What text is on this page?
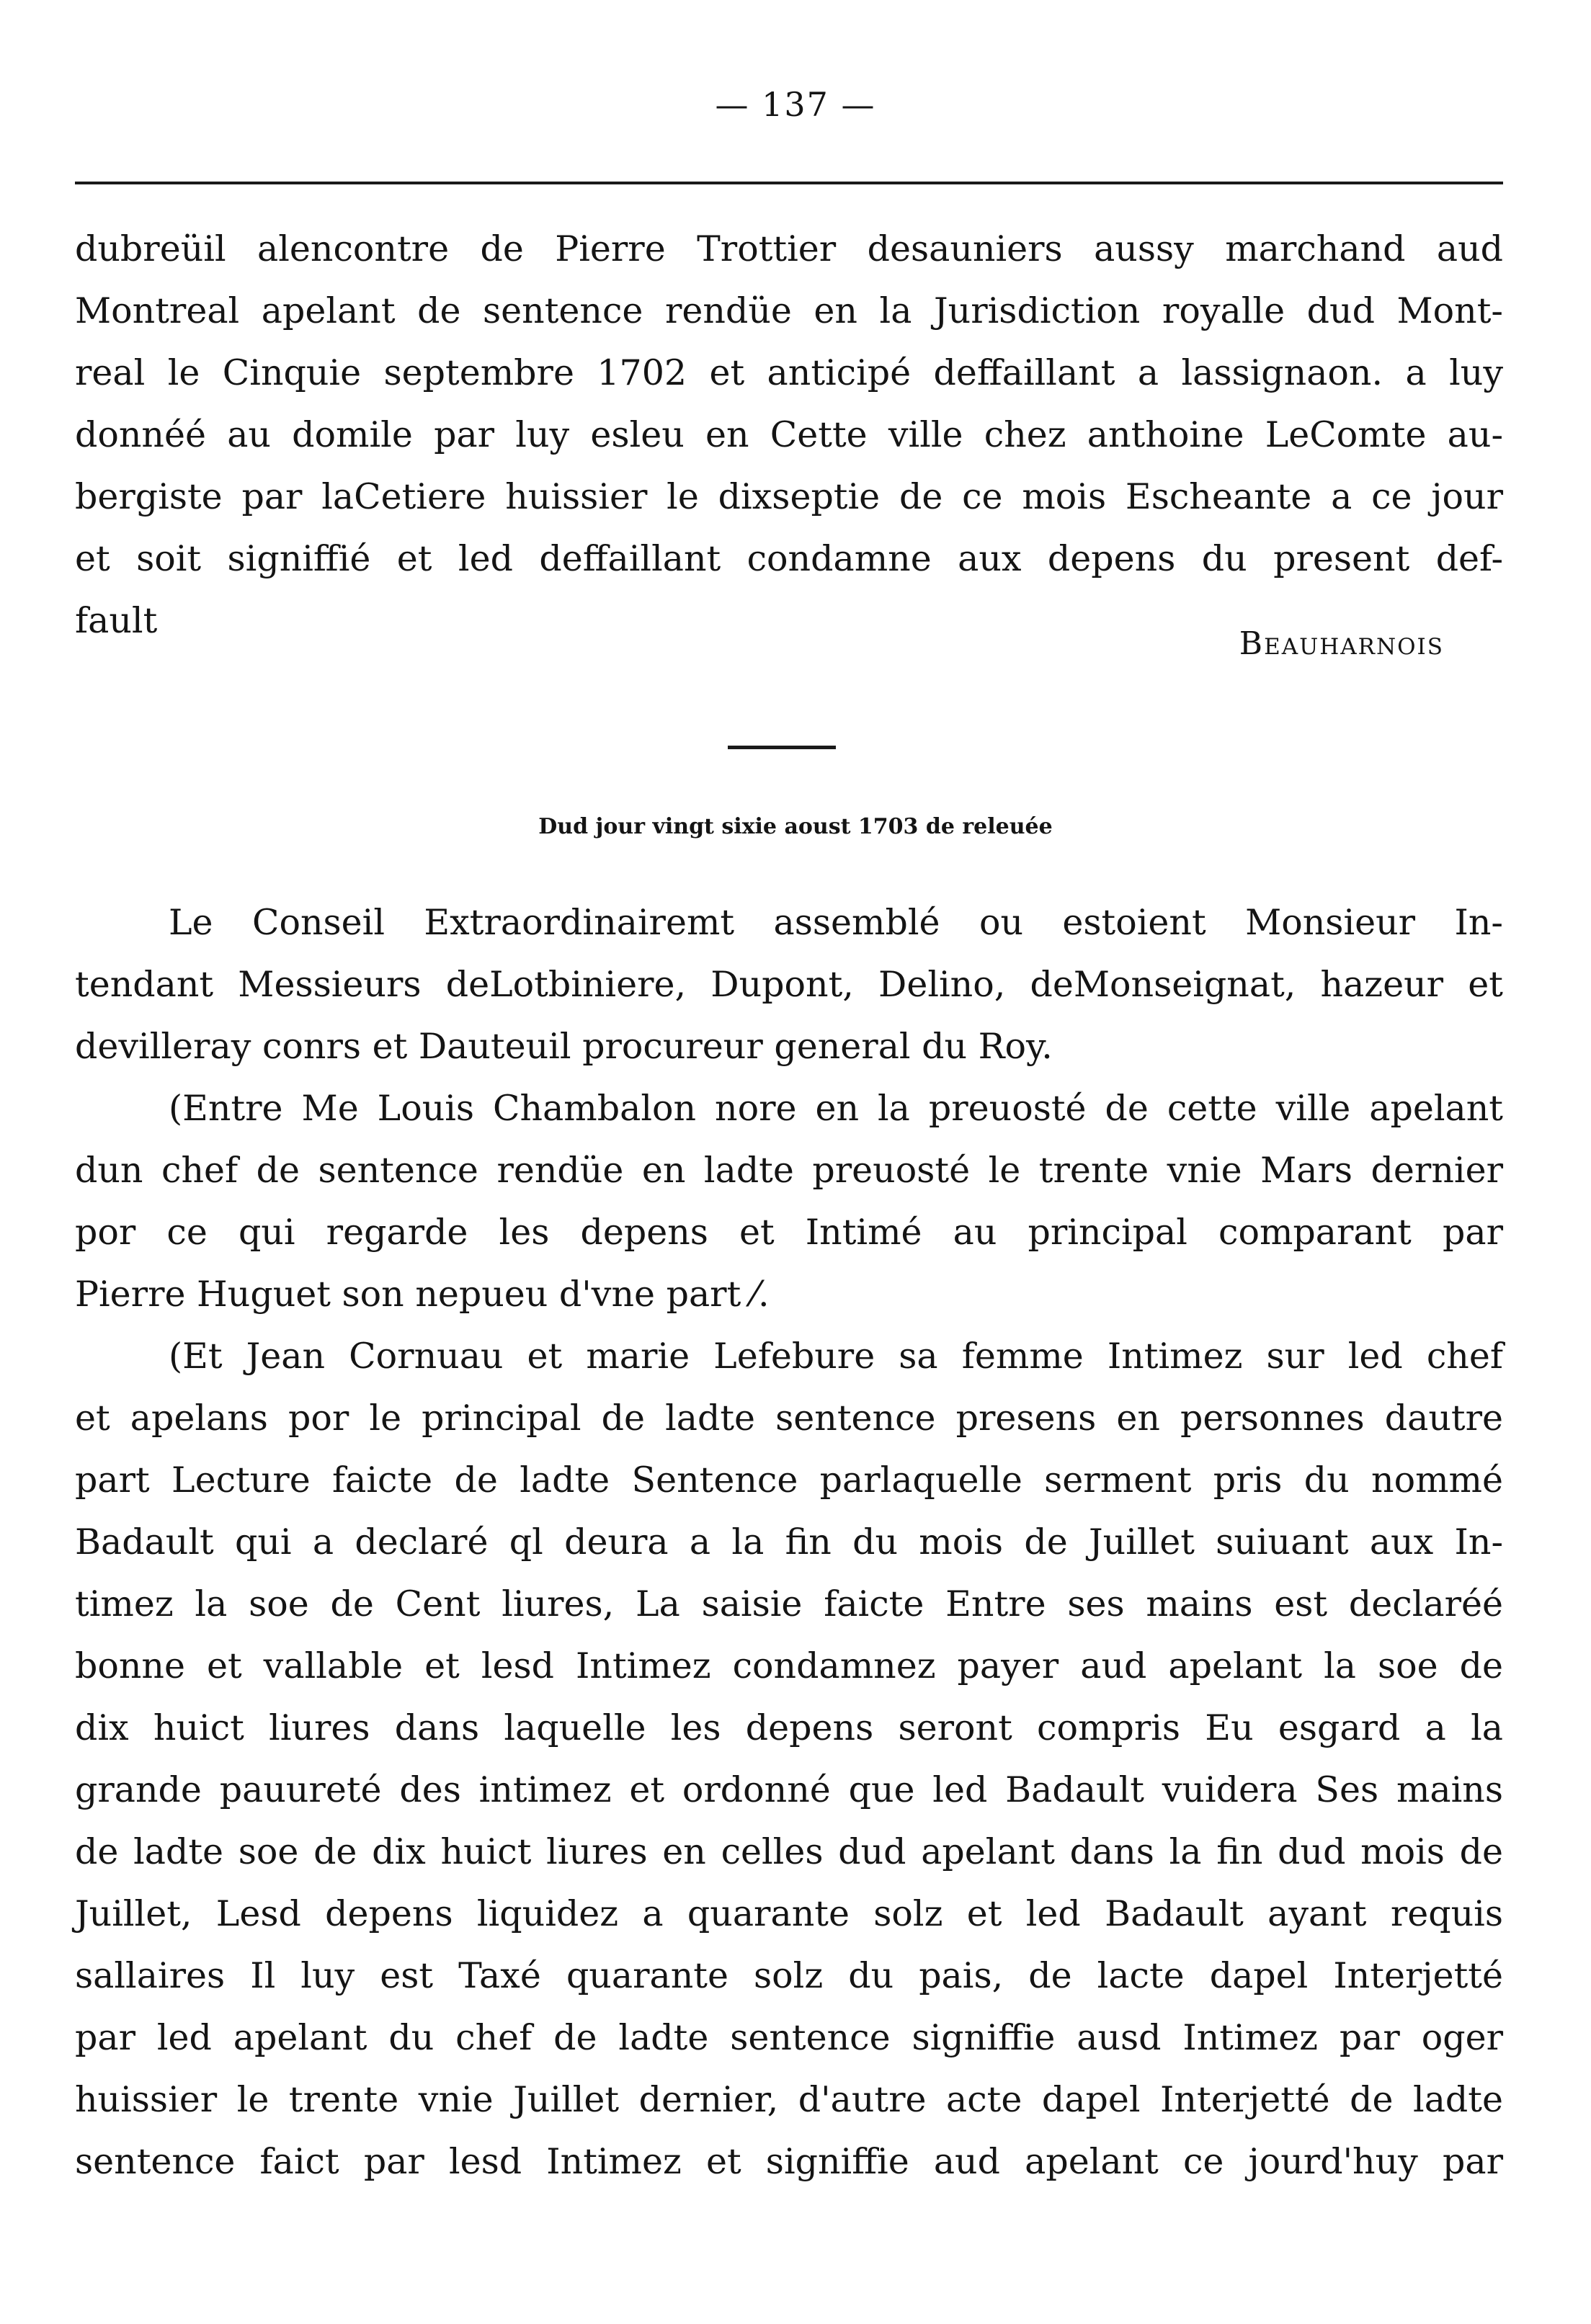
— 137 —
dubreüil alencontre de Pierre Trottier desauniers aussy marchand aud
Montreal apelant de sentence rendüe en la Jurisdiction royalle dud Mont-
real le Cinquie septembre 1702 et anticipé deffaillant a lassignaon. a luy
donnéé au domile par luy esleu en Cette ville chez anthoine LeComte au-
bergiste par laCetiere huissier le dixseptie de ce mois Escheante a ce jour
et soit signiffié et led deffaillant condamne aux depens du present def-
fault
Beauharnois
Dud jour vingt sixie aoust 1703 de releuée
Le Conseil Extraordinairemt assemblé ou estoient Monsieur In-
tendant Messieurs deLotbiniere, Dupont, Delino, deMonseignat, hazeur et
devilleray conrs et Dauteuil procureur general du Roy.
(Entre Me Louis Chambalon nore en la preuosté de cette ville apelant
dun chef de sentence rendüe en ladte preuosté le trente vnie Mars dernier
por ce qui regarde les depens et Intimé au principal comparant par
Pierre Huguet son nepueu d'vne part ⁄.
(Et Jean Cornuau et marie Lefebure sa femme Intimez sur led chef
et apelans por le principal de ladte sentence presens en personnes dautre
part Lecture faicte de ladte Sentence parlaquelle serment pris du nommé
Badault qui a declaré ql deura a la fin du mois de Juillet suiuant aux In-
timez la soe de Cent liures, La saisie faicte Entre ses mains est declaréé
bonne et vallable et lesd Intimez condamnez payer aud apelant la soe de
dix huict liures dans laquelle les depens seront compris Eu esgard a la
grande pauureté des intimez et ordonné que led Badault vuidera Ses mains
de ladte soe de dix huict liures en celles dud apelant dans la fin dud mois de
Juillet, Lesd depens liquidez a quarante solz et led Badault ayant requis
sallaires Il luy est Taxé quarante solz du pais, de lacte dapel Interjetté
par led apelant du chef de ladte sentence signiffie ausd Intimez par oger
huissier le trente vnie Juillet dernier, d'autre acte dapel Interjetté de ladte
sentence faict par lesd Intimez et signiffie aud apelant ce jourd'huy par
